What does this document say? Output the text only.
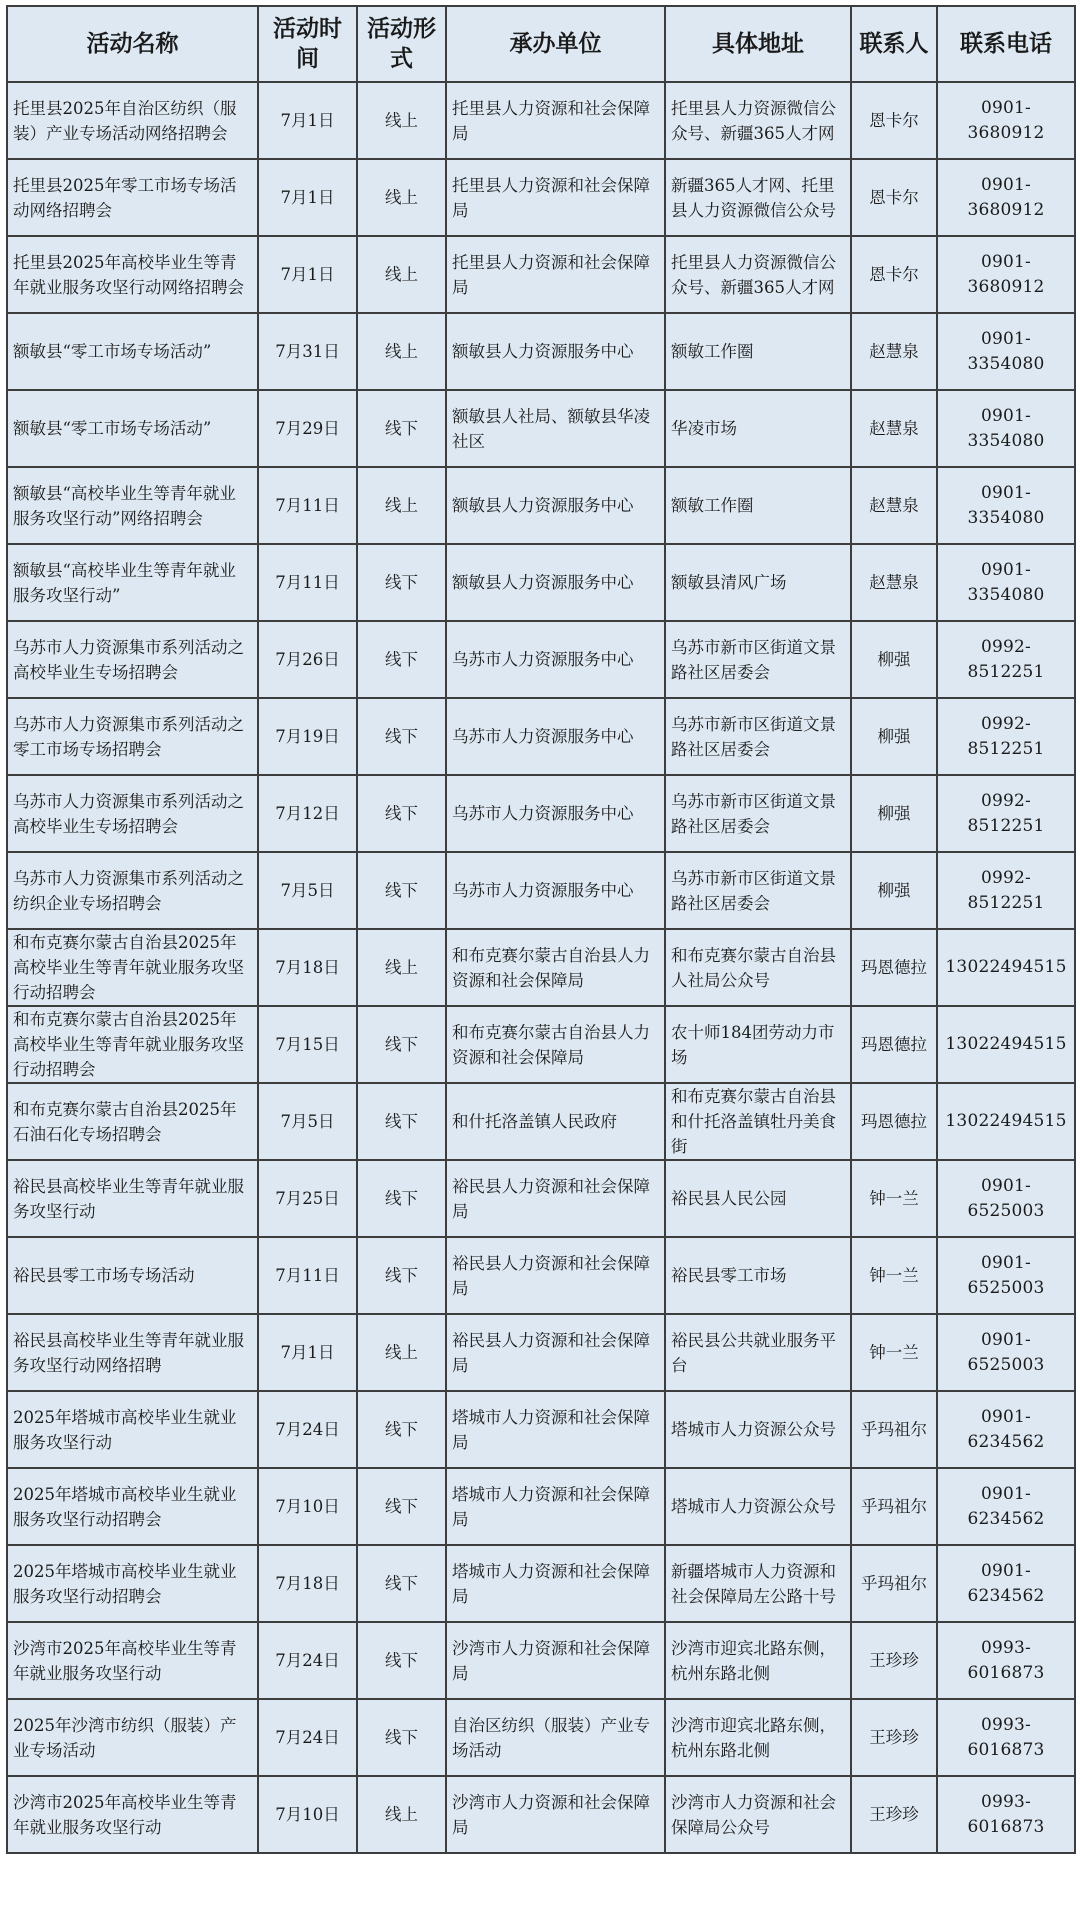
活动名称	活动时间	活动形式	承办单位	具体地址	联系人	联系电话
托里县2025年自治区纺织（服装）产业专场活动网络招聘会	7月1日	线上	托里县人力资源和社会保障局	托里县人力资源微信公众号、新疆365人才网	恩卡尔	0901-3680912
托里县2025年零工市场专场活动网络招聘会	7月1日	线上	托里县人力资源和社会保障局	新疆365人才网、托里县人力资源微信公众号	恩卡尔	0901-3680912
托里县2025年高校毕业生等青年就业服务攻坚行动网络招聘会	7月1日	线上	托里县人力资源和社会保障局	托里县人力资源微信公众号、新疆365人才网	恩卡尔	0901-3680912
额敏县“零工市场专场活动”	7月31日	线上	额敏县人力资源服务中心	额敏工作圈	赵慧泉	0901-3354080
额敏县“零工市场专场活动”	7月29日	线下	额敏县人社局、额敏县华凌社区	华凌市场	赵慧泉	0901-3354080
额敏县“高校毕业生等青年就业服务攻坚行动”网络招聘会	7月11日	线上	额敏县人力资源服务中心	额敏工作圈	赵慧泉	0901-3354080
额敏县“高校毕业生等青年就业服务攻坚行动”	7月11日	线下	额敏县人力资源服务中心	额敏县清风广场	赵慧泉	0901-3354080
乌苏市人力资源集市系列活动之高校毕业生专场招聘会	7月26日	线下	乌苏市人力资源服务中心	乌苏市新市区街道文景路社区居委会	柳强	0992-8512251
乌苏市人力资源集市系列活动之零工市场专场招聘会	7月19日	线下	乌苏市人力资源服务中心	乌苏市新市区街道文景路社区居委会	柳强	0992-8512251
乌苏市人力资源集市系列活动之高校毕业生专场招聘会	7月12日	线下	乌苏市人力资源服务中心	乌苏市新市区街道文景路社区居委会	柳强	0992-8512251
乌苏市人力资源集市系列活动之纺织企业专场招聘会	7月5日	线下	乌苏市人力资源服务中心	乌苏市新市区街道文景路社区居委会	柳强	0992-8512251
和布克赛尔蒙古自治县2025年高校毕业生等青年就业服务攻坚行动招聘会	7月18日	线上	和布克赛尔蒙古自治县人力资源和社会保障局	和布克赛尔蒙古自治县人社局公众号	玛恩德拉	13022494515
和布克赛尔蒙古自治县2025年高校毕业生等青年就业服务攻坚行动招聘会	7月15日	线下	和布克赛尔蒙古自治县人力资源和社会保障局	农十师184团劳动力市场	玛恩德拉	13022494515
和布克赛尔蒙古自治县2025年石油石化专场招聘会	7月5日	线下	和什托洛盖镇人民政府	和布克赛尔蒙古自治县和什托洛盖镇牡丹美食街	玛恩德拉	13022494515
裕民县高校毕业生等青年就业服务攻坚行动	7月25日	线下	裕民县人力资源和社会保障局	裕民县人民公园	钟一兰	0901-6525003
裕民县零工市场专场活动	7月11日	线下	裕民县人力资源和社会保障局	裕民县零工市场	钟一兰	0901-6525003
裕民县高校毕业生等青年就业服务攻坚行动网络招聘	7月1日	线上	裕民县人力资源和社会保障局	裕民县公共就业服务平台	钟一兰	0901-6525003
2025年塔城市高校毕业生就业服务攻坚行动	7月24日	线下	塔城市人力资源和社会保障局	塔城市人力资源公众号	乎玛祖尔	0901-6234562
2025年塔城市高校毕业生就业服务攻坚行动招聘会	7月10日	线下	塔城市人力资源和社会保障局	塔城市人力资源公众号	乎玛祖尔	0901-6234562
2025年塔城市高校毕业生就业服务攻坚行动招聘会	7月18日	线下	塔城市人力资源和社会保障局	新疆塔城市人力资源和社会保障局左公路十号	乎玛祖尔	0901-6234562
沙湾市2025年高校毕业生等青年就业服务攻坚行动	7月24日	线下	沙湾市人力资源和社会保障局	沙湾市迎宾北路东侧，杭州东路北侧	王珍珍	0993-6016873
2025年沙湾市纺织（服装）产业专场活动	7月24日	线下	自治区纺织（服装）产业专场活动	沙湾市迎宾北路东侧，杭州东路北侧	王珍珍	0993-6016873
沙湾市2025年高校毕业生等青年就业服务攻坚行动	7月10日	线上	沙湾市人力资源和社会保障局	沙湾市人力资源和社会保障局公众号	王珍珍	0993-6016873
